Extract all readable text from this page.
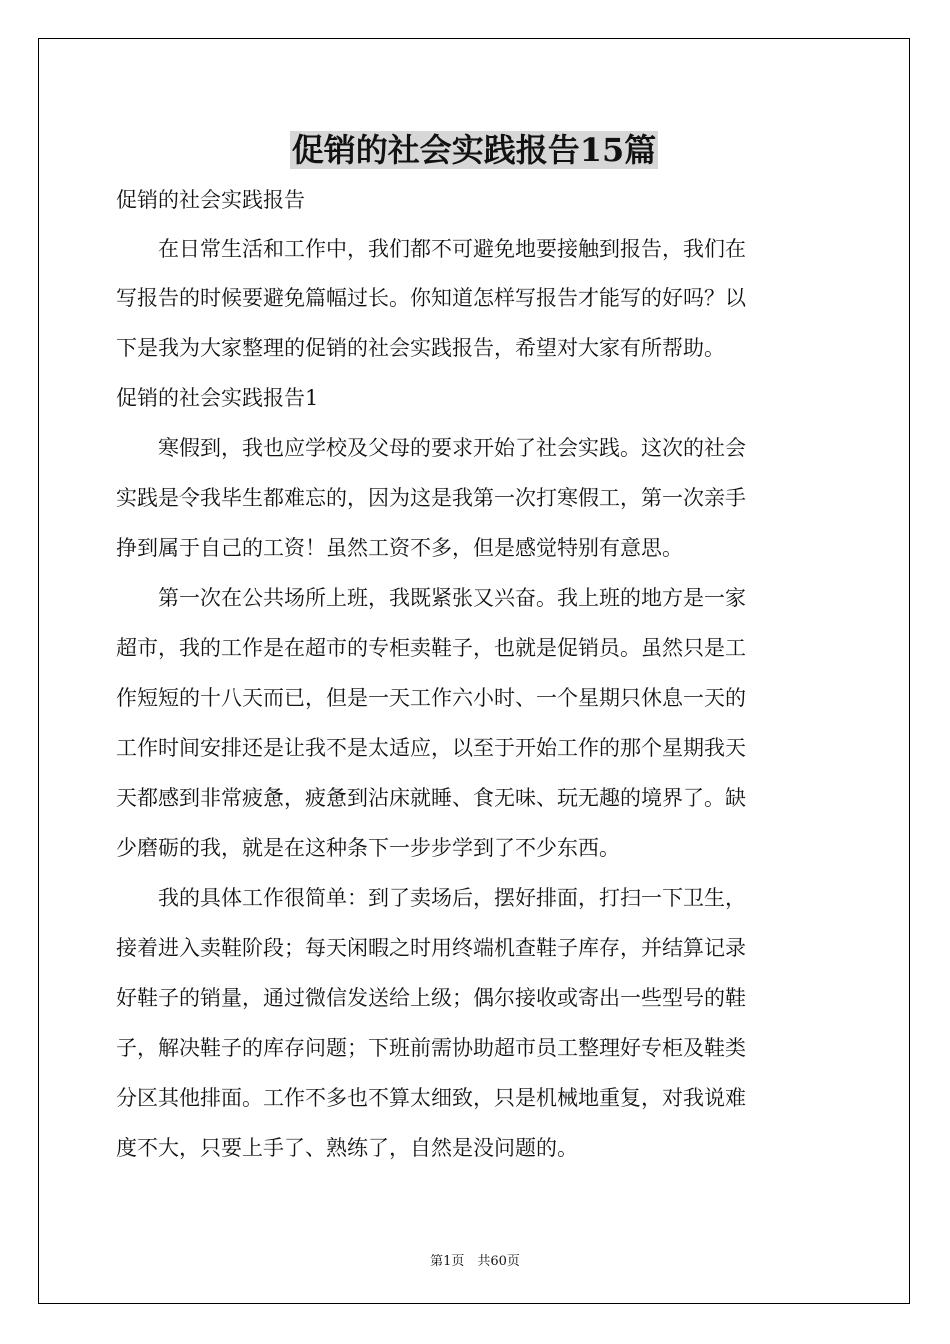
促销的社会实践报告15篇
促销的社会实践报告
　　在日常生活和工作中，我们都不可避免地要接触到报告，我们在
写报告的时候要避免篇幅过长。你知道怎样写报告才能写的好吗？以
下是我为大家整理的促销的社会实践报告，希望对大家有所帮助。
促销的社会实践报告1
　　寒假到，我也应学校及父母的要求开始了社会实践。这次的社会
实践是令我毕生都难忘的，因为这是我第一次打寒假工，第一次亲手
挣到属于自己的工资！虽然工资不多，但是感觉特别有意思。
　　第一次在公共场所上班，我既紧张又兴奋。我上班的地方是一家
超市，我的工作是在超市的专柜卖鞋子，也就是促销员。虽然只是工
作短短的十八天而已，但是一天工作六小时、一个星期只休息一天的
工作时间安排还是让我不是太适应，以至于开始工作的那个星期我天
天都感到非常疲惫，疲惫到沾床就睡、食无味、玩无趣的境界了。缺
少磨砺的我，就是在这种条下一步步学到了不少东西。
　　我的具体工作很简单：到了卖场后，摆好排面，打扫一下卫生，
接着进入卖鞋阶段；每天闲暇之时用终端机查鞋子库存，并结算记录
好鞋子的销量，通过微信发送给上级；偶尔接收或寄出一些型号的鞋
子，解决鞋子的库存问题；下班前需协助超市员工整理好专柜及鞋类
分区其他排面。工作不多也不算太细致，只是机械地重复，对我说难
度不大，只要上手了、熟练了，自然是没问题的。
第1页　共60页
